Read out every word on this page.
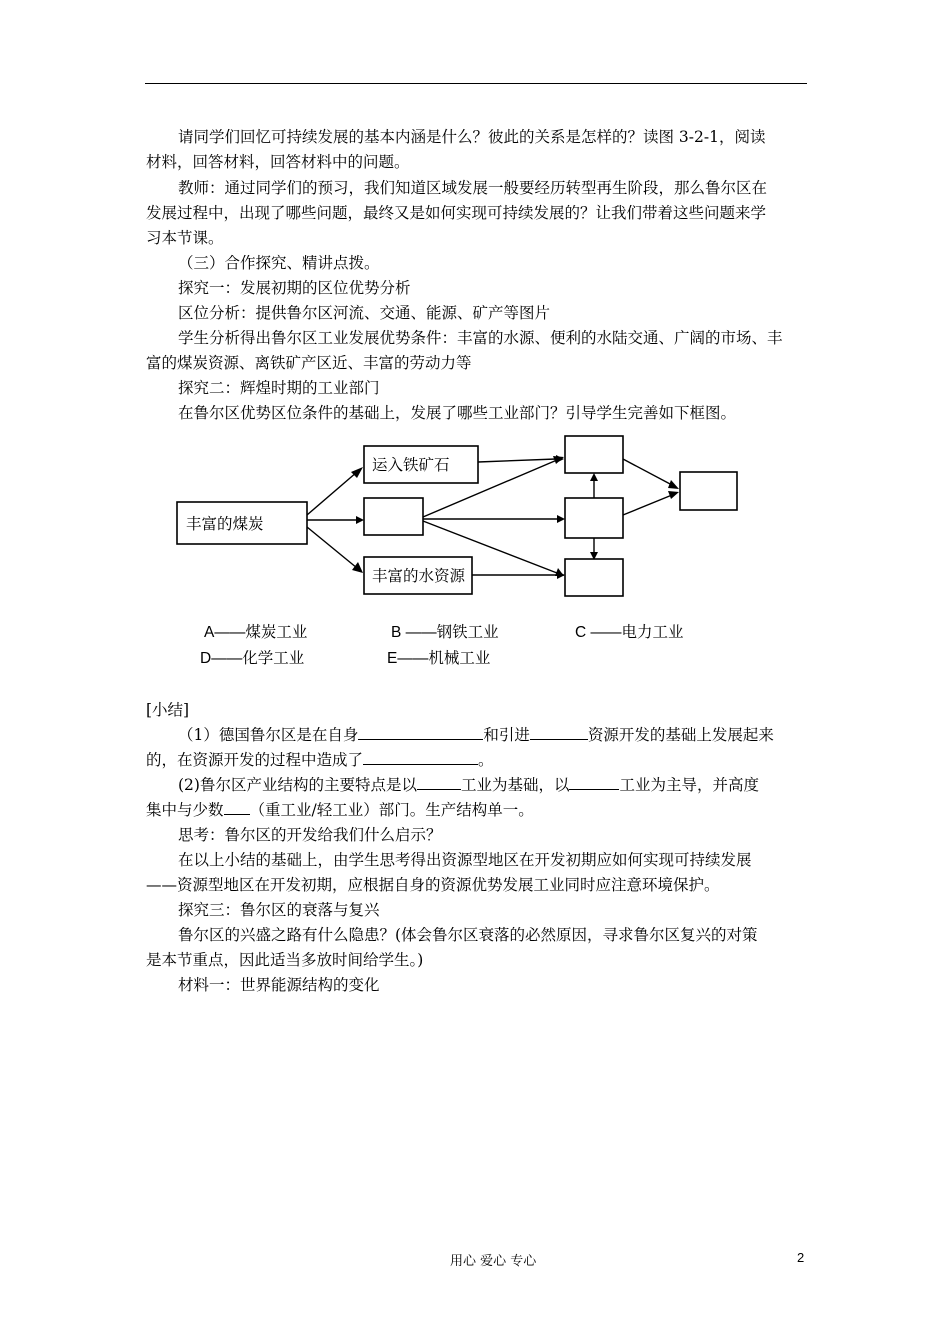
请同学们回忆可持续发展的基本内涵是什么？彼此的关系是怎样的？读图 3-2-1，阅读
材料，回答材料，回答材料中的问题。
教师：通过同学们的预习，我们知道区域发展一般要经历转型再生阶段，那么鲁尔区在
发展过程中，出现了哪些问题，最终又是如何实现可持续发展的？让我们带着这些问题来学
习本节课。
（三）合作探究、精讲点拨。
探究一：发展初期的区位优势分析
区位分析：提供鲁尔区河流、交通、能源、矿产等图片
学生分析得出鲁尔区工业发展优势条件：丰富的水源、便利的水陆交通、广阔的市场、丰
富的煤炭资源、离铁矿产区近、丰富的劳动力等
探究二：辉煌时期的工业部门
在鲁尔区优势区位条件的基础上，发展了哪些工业部门？引导学生完善如下框图。
丰富的煤炭
运入铁矿石
丰富的水资源
A——煤炭工业	B ——钢铁工业	C ——电力工业
D——化学工业	E——机械工业
[小结]
（1）德国鲁尔区是在自身	和引进	资源开发的基础上发展起来
的，在资源开发的过程中造成了	。
(2)鲁尔区产业结构的主要特点是以	工业为基础，以	工业为主导，并高度
集中与少数 （重工业/轻工业）部门。生产结构单一。
思考：鲁尔区的开发给我们什么启示？
在以上小结的基础上，由学生思考得出资源型地区在开发初期应如何实现可持续发展
——资源型地区在开发初期，应根据自身的资源优势发展工业同时应注意环境保护。
探究三：鲁尔区的衰落与复兴
鲁尔区的兴盛之路有什么隐患？(体会鲁尔区衰落的必然原因，寻求鲁尔区复兴的对策
是本节重点，因此适当多放时间给学生。)
材料一：世界能源结构的变化
用心 爱心 专心	2
